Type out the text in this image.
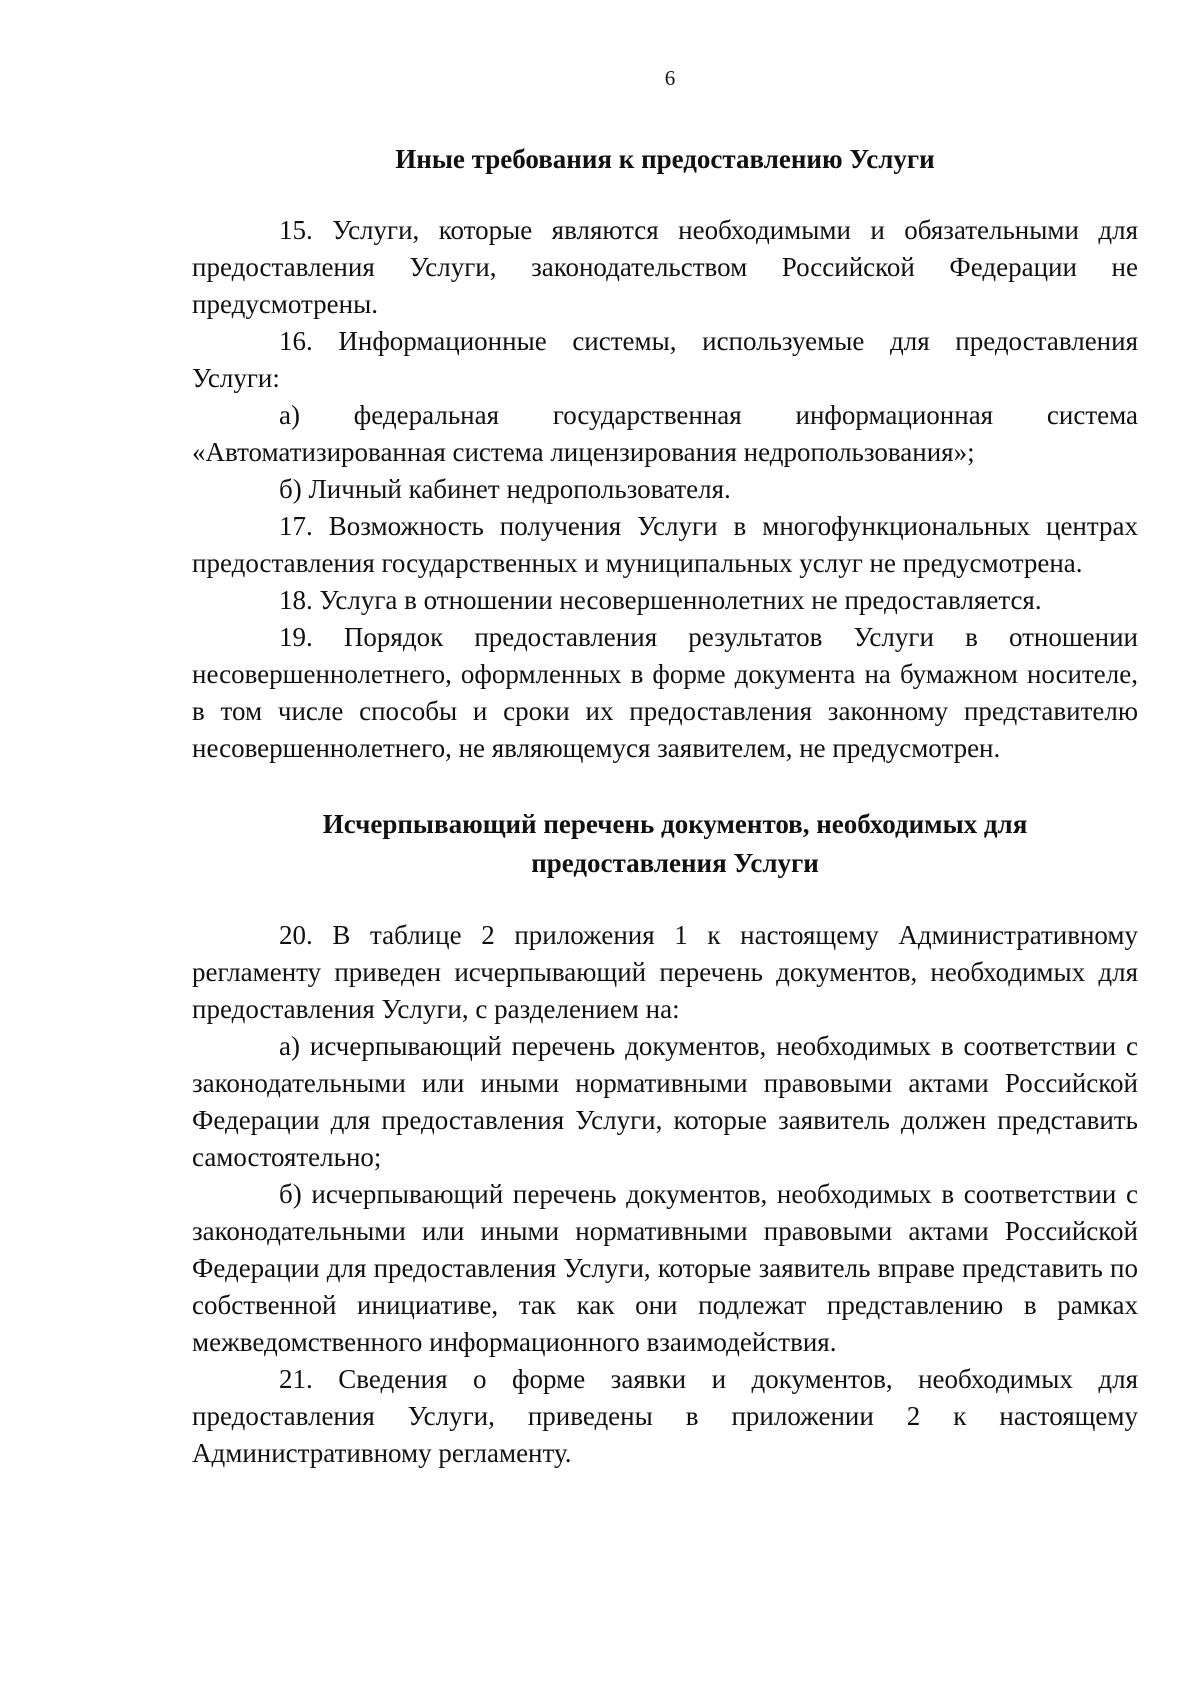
6
Иные требования к предоставлению Услуги

15. Услуги, которые являются необходимыми и обязательными для предоставления Услуги, законодательством Российской Федерации не предусмотрены.

16. Информационные системы, используемые для предоставления Услуги:

а) федеральная государственная информационная система «Автоматизированная система лицензирования недропользования»;

б) Личный кабинет недропользователя.

17. Возможность получения Услуги в многофункциональных центрах предоставления государственных и муниципальных услуг не предусмотрена.

18. Услуга в отношении несовершеннолетних не предоставляется.

19. Порядок предоставления результатов Услуги в отношении несовершеннолетнего, оформленных в форме документа на бумажном носителе, в том числе способы и сроки их предоставления законному представителю несовершеннолетнего, не являющемуся заявителем, не предусмотрен.

Исчерпывающий перечень документов, необходимых для
предоставления Услуги

20. В таблице 2 приложения 1 к настоящему Административному регламенту приведен исчерпывающий перечень документов, необходимых для предоставления Услуги, с разделением на:

а) исчерпывающий перечень документов, необходимых в соответствии с законодательными или иными нормативными правовыми актами Российской Федерации для предоставления Услуги, которые заявитель должен представить самостоятельно;

б) исчерпывающий перечень документов, необходимых в соответствии с законодательными или иными нормативными правовыми актами Российской Федерации для предоставления Услуги, которые заявитель вправе представить по собственной инициативе, так как они подлежат представлению в рамках межведомственного информационного взаимодействия.

21. Сведения о форме заявки и документов, необходимых для предоставления Услуги, приведены в приложении 2 к настоящему Административному регламенту.
